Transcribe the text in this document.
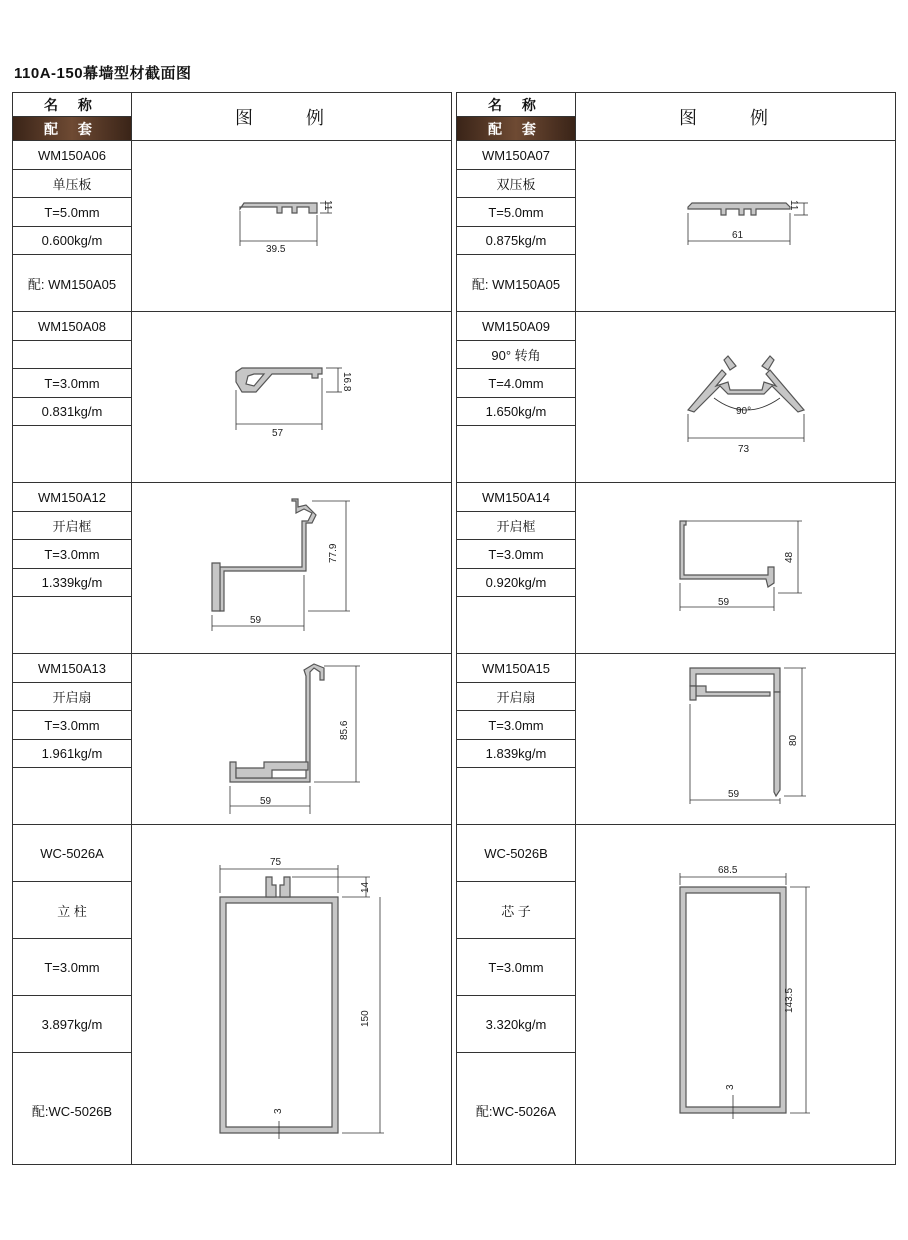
110A-150幕墙型材截面图
名 称
配 套
图 例
WM150A06
单压板
T=5.0mm
0.600kg/m
配: WM150A05
39.5
11
WM150A08
T=3.0mm
0.831kg/m
57
16.8
WM150A12
开启框
T=3.0mm
1.339kg/m
59
77.9
WM150A13
开启扇
T=3.0mm
1.961kg/m
59
85.6
WC-5026A
立 柱
T=3.0mm
3.897kg/m
配:WC-5026B
75
14
150
3
名 称
配 套
图 例
WM150A07
双压板
T=5.0mm
0.875kg/m
配: WM150A05
61
11
WM150A09
90° 转角
T=4.0mm
1.650kg/m
73
90°
WM150A14
开启框
T=3.0mm
0.920kg/m
59
48
WM150A15
开启扇
T=3.0mm
1.839kg/m
59
80
WC-5026B
芯 子
T=3.0mm
3.320kg/m
配:WC-5026A
68.5
143.5
3
